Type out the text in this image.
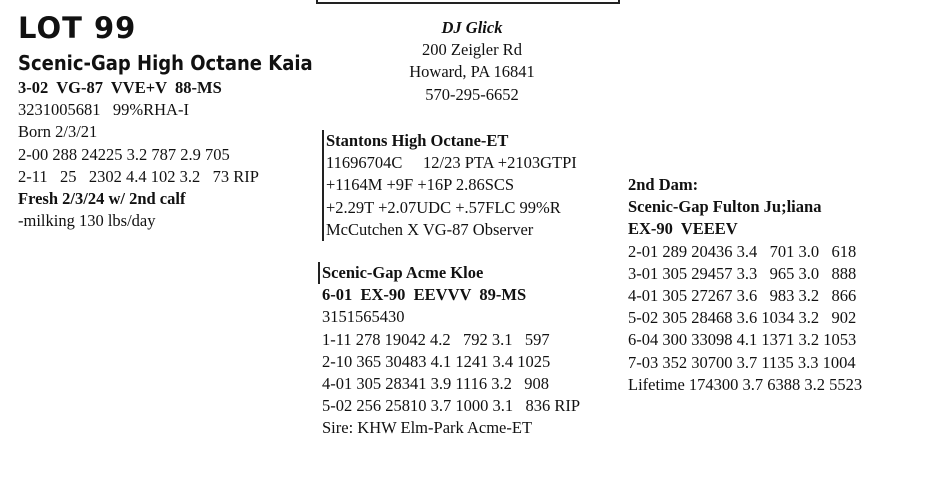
LOT 99
Scenic-Gap High Octane Kaia
3-02  VG-87  VVE+V  88-MS
3231005681   99%RHA-I
Born 2/3/21
2-00 288 24225 3.2 787 2.9 705
2-11   25   2302 4.4 102 3.2   73 RIP
Fresh 2/3/24 w/ 2nd calf
-milking 130 lbs/day
DJ Glick
200 Zeigler Rd
Howard, PA 16841
570-295-6652
Stantons High Octane-ET
11696704C     12/23 PTA +2103GTPI
+1164M +9F +16P 2.86SCS
+2.29T +2.07UDC +.57FLC 99%R
McCutchen X VG-87 Observer
Scenic-Gap Acme Kloe
6-01  EX-90  EEVVV  89-MS
3151565430
1-11 278 19042 4.2   792 3.1   597
2-10 365 30483 4.1 1241 3.4 1025
4-01 305 28341 3.9 1116 3.2   908
5-02 256 25810 3.7 1000 3.1   836 RIP
Sire: KHW Elm-Park Acme-ET
2nd Dam:
Scenic-Gap Fulton Ju;liana
EX-90  VEEEV
2-01 289 20436 3.4   701 3.0   618
3-01 305 29457 3.3   965 3.0   888
4-01 305 27267 3.6   983 3.2   866
5-02 305 28468 3.6 1034 3.2   902
6-04 300 33098 4.1 1371 3.2 1053
7-03 352 30700 3.7 1135 3.3 1004
Lifetime 174300 3.7 6388 3.2 5523
